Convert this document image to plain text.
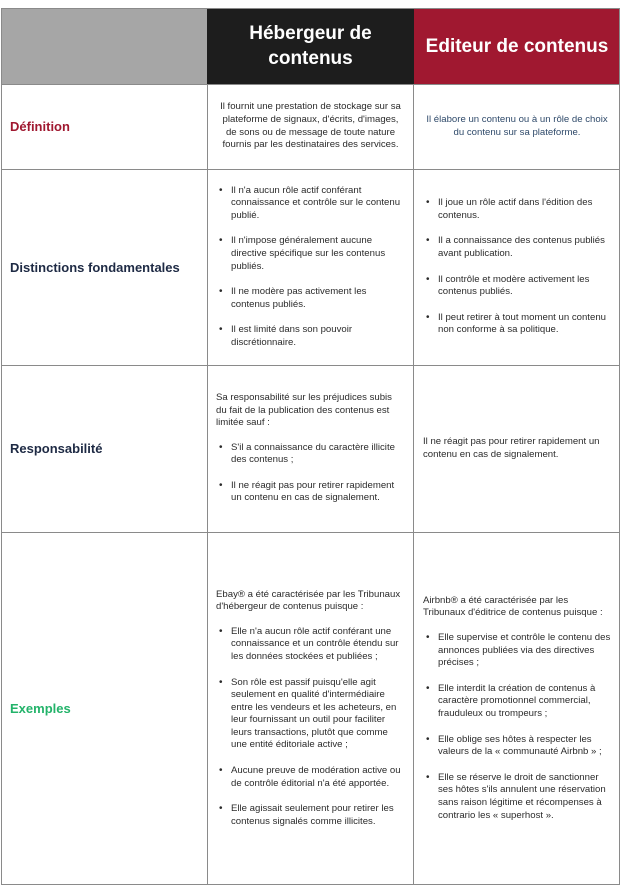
Hébergeur de contenus
Editeur de contenus
Définition

Il fournit une prestation de stockage sur sa plateforme de signaux, d'écrits, d'images, de sons ou de message de toute nature fournis par les destinataires des services.

Il élabore un contenu ou à un rôle de choix du contenu sur sa plateforme.

Distinctions fondamentales
• Il n'a aucun rôle actif conférant connaissance et contrôle sur le contenu publié.
• Il n'impose généralement aucune directive spécifique sur les contenus publiés.
• Il ne modère pas activement les contenus publiés.
• Il est limité dans son pouvoir discrétionnaire.
• Il joue un rôle actif dans l'édition des contenus.
• Il a connaissance des contenus publiés avant publication.
• Il contrôle et modère activement les contenus publiés.
• Il peut retirer à tout moment un contenu non conforme à sa politique.
Responsabilité

Sa responsabilité sur les préjudices subis du fait de la publication des contenus est limitée sauf :

• S'il a connaissance du caractère illicite des contenus ;
• Il ne réagit pas pour retirer rapidement un contenu en cas de signalement.

Il ne réagit pas pour retirer rapidement un contenu en cas de signalement.

Exemples

Ebay® a été caractérisée par les Tribunaux d'hébergeur de contenus puisque :

• Elle n'a aucun rôle actif conférant une connaissance et un contrôle étendu sur les données stockées et publiées ;
• Son rôle est passif puisqu'elle agit seulement en qualité d'intermédiaire entre les vendeurs et les acheteurs, en leur fournissant un outil pour faciliter leurs transactions, plutôt que comme une entité éditoriale active ;
• Aucune preuve de modération active ou de contrôle éditorial n'a été apportée.
• Elle agissait seulement pour retirer les contenus signalés comme illicites.

Airbnb® a été caractérisée par les Tribunaux d'éditrice de contenus puisque :

• Elle supervise et contrôle le contenu des annonces publiées via des directives précises ;
• Elle interdit la création de contenus à caractère promotionnel commercial, frauduleux ou trompeurs ;
• Elle oblige ses hôtes à respecter les valeurs de la « communauté Airbnb » ;
• Elle se réserve le droit de sanctionner ses hôtes s'ils annulent une réservation sans raison légitime et récompenses à contrario les « superhost ».
